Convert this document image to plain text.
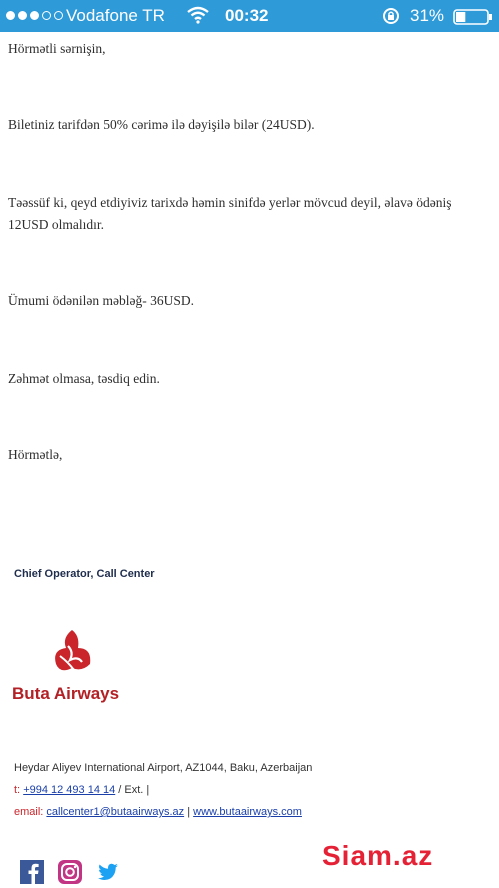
Vodafone TR	00:32	31%

Hörmətli sərnişin,

Biletiniz tarifdən 50% cərimə ilə dəyişilə bilər (24USD).

Təəssüf ki, qeyd etdiyiviz tarixdə həmin sinifdə yerlər mövcud deyil, əlavə ödəniş 12USD olmalıdır.

Ümumi ödənilən məbləğ- 36USD.

Zəhmət olmasa, təsdiq edin.

Hörmətlə,

Chief Operator, Call Center
Buta Airways
Heydar Aliyev International Airport, AZ1044, Baku, Azerbaijan
t: +994 12 493 14 14 / Ext. |
email: callcenter1@butaairways.az | www.butaairways.com
Siam.az
